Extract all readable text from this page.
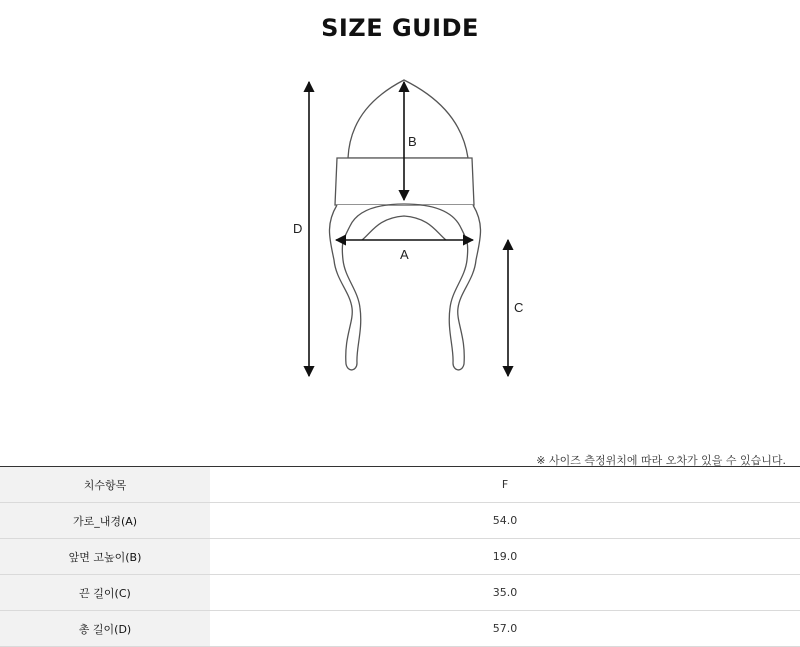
SIZE GUIDE
D
B
A
C
※ 사이즈 측정위치에 따라 오차가 있을 수 있습니다.
치수항목	F
가로_내경(A)	54.0
앞면 고높이(B)	19.0
끈 길이(C)	35.0
총 길이(D)	57.0
